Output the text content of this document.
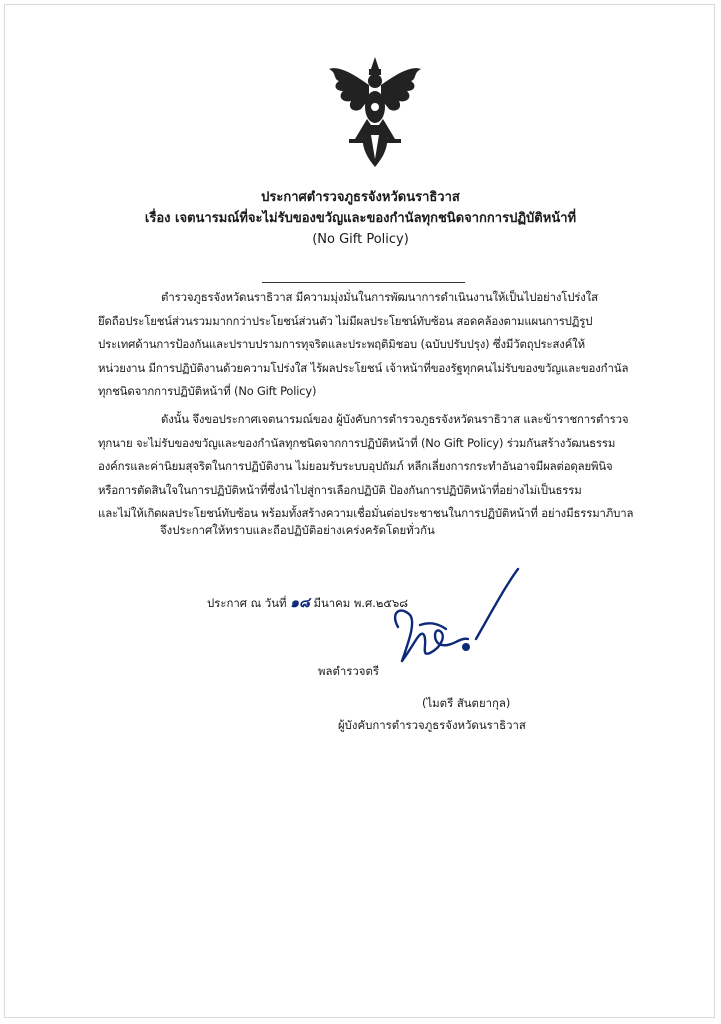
ประกาศตำรวจภูธรจังหวัดนราธิวาส
เรื่อง เจตนารมณ์ที่จะไม่รับของขวัญและของกำนัลทุกชนิดจากการปฏิบัติหน้าที่
(No Gift Policy)

ตำรวจภูธรจังหวัดนราธิวาส มีความมุ่งมั่นในการพัฒนาการดำเนินงานให้เป็นไปอย่างโปร่งใส
ยึดถือประโยชน์ส่วนรวมมากกว่าประโยชน์ส่วนตัว ไม่มีผลประโยชน์ทับซ้อน สอดคล้องตามแผนการปฏิรูป
ประเทศด้านการป้องกันและปราบปรามการทุจริตและประพฤติมิชอบ (ฉบับปรับปรุง) ซึ่งมีวัตถุประสงค์ให้
หน่วยงาน มีการปฏิบัติงานด้วยความโปร่งใส ไร้ผลประโยชน์ เจ้าหน้าที่ของรัฐทุกคนไม่รับของขวัญและของกำนัล
ทุกชนิดจากการปฏิบัติหน้าที่ (No Gift Policy)

ดังนั้น จึงขอประกาศเจตนารมณ์ของ ผู้บังคับการตำรวจภูธรจังหวัดนราธิวาส และข้าราชการตำรวจ
ทุกนาย จะไม่รับของขวัญและของกำนัลทุกชนิดจากการปฏิบัติหน้าที่ (No Gift Policy) ร่วมกันสร้างวัฒนธรรม
องค์กรและค่านิยมสุจริตในการปฏิบัติงาน ไม่ยอมรับระบบอุปถัมภ์ หลีกเลี่ยงการกระทำอันอาจมีผลต่อดุลยพินิจ
หรือการตัดสินใจในการปฏิบัติหน้าที่ซึ่งนำไปสู่การเลือกปฏิบัติ ป้องกันการปฏิบัติหน้าที่อย่างไม่เป็นธรรม
และไม่ให้เกิดผลประโยชน์ทับซ้อน พร้อมทั้งสร้างความเชื่อมั่นต่อประชาชนในการปฏิบัติหน้าที่ อย่างมีธรรมาภิบาล

จึงประกาศให้ทราบและถือปฏิบัติอย่างเคร่งครัดโดยทั่วกัน
ประกาศ ณ วันที่ ๑๘ มีนาคม พ.ศ.๒๕๖๘
พลตำรวจตรี
(ไมตรี สันตยากุล)
ผู้บังคับการตำรวจภูธรจังหวัดนราธิวาส
